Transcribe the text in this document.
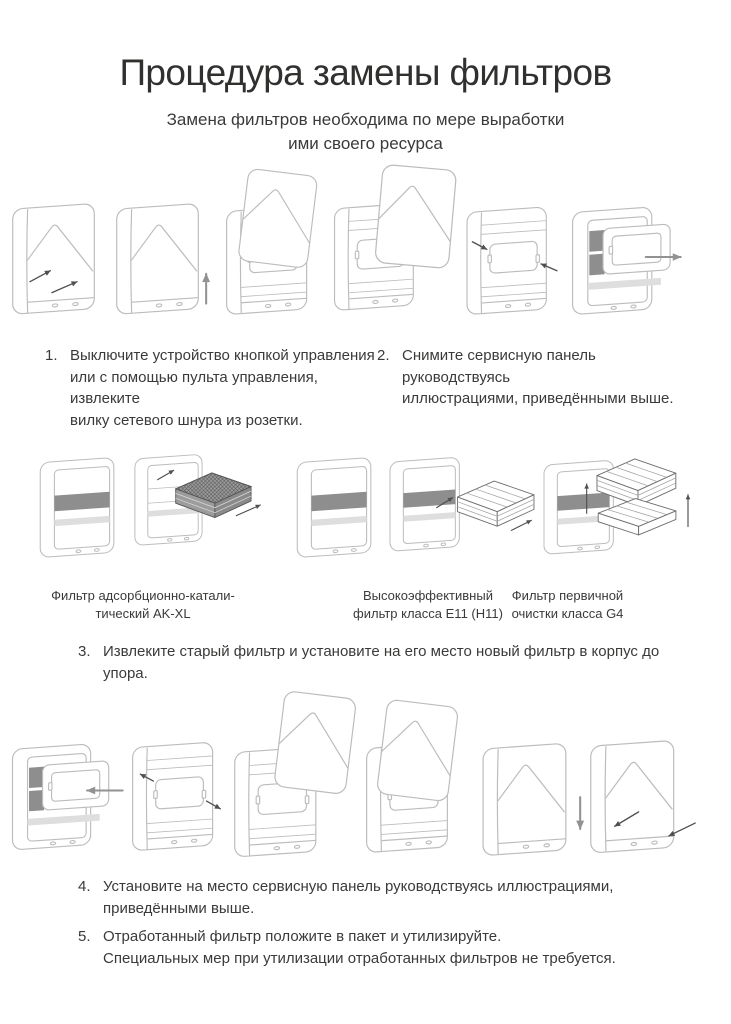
Процедура замены фильтров

Замена фильтров необходима по мере выработки
ими своего ресурса

1. Выключите устройство кнопкой управления
или с помощью пульта управления, извлеките
вилку сетевого шнура из розетки.
2. Снимите сервисную панель руководствуясь
иллюстрациями, приведёнными выше.
Фильтр адсорбционно-катали-
тический AK-XL
Высокоэффективный
фильтр класса E11 (H11)
Фильтр первичной
очистки класса G4
3. Извлеките старый фильтр и установите на его место новый фильтр в корпус до упора.
4. Установите на место сервисную панель руководствуясь иллюстрациями,
приведёнными выше.
5. Отработанный фильтр положите в пакет и утилизируйте.
Специальных мер при утилизации отработанных фильтров не требуется.
